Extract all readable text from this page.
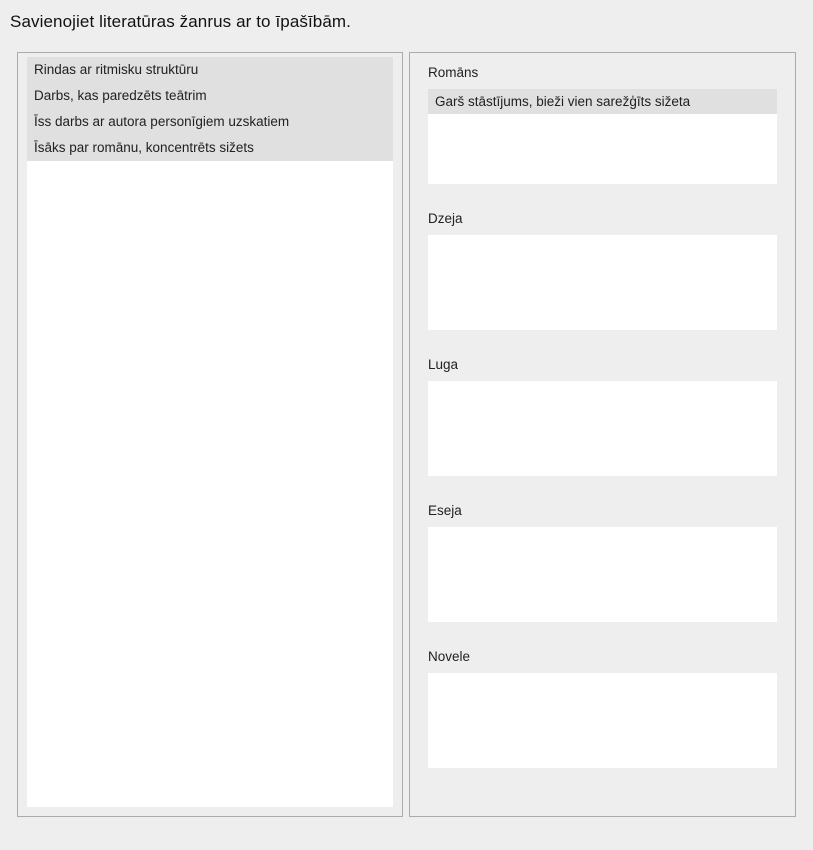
Savienojiet literatūras žanrus ar to īpašībām.
Rindas ar ritmisku struktūru
Darbs, kas paredzēts teātrim
Īss darbs ar autora personīgiem uzskatiem
Īsāks par romānu, koncentrēts sižets
Romāns
Garš stāstījums, bieži vien sarežģīts sižeta
Dzeja
Luga
Eseja
Novele
